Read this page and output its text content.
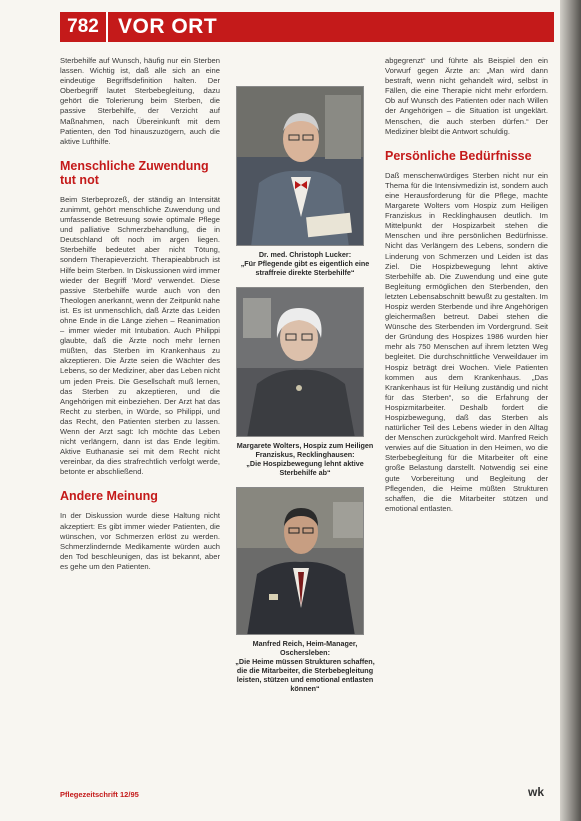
782 VOR ORT

Sterbehilfe auf Wunsch, häufig nur ein Sterben lassen. Wichtig ist, daß alle sich an eine eindeutige Begriffsdefinition halten. Der Oberbegriff lautet Sterbebegleitung, dazu gehört die Tolerierung beim Sterben, die passive Sterbehilfe, der Verzicht auf Maßnahmen, nach Übereinkunft mit dem Patienten, den Tod hinauszuzögern, auch die aktive Lufthilfe.

Menschliche Zuwendung tut not

Beim Sterbeprozeß, der ständig an Intensität zunimmt, gehört menschliche Zuwendung und umfassende Betreuung sowie optimale Pflege und palliative Schmerzbehandlung, die in Deutschland oft noch im argen liegen. Sterbehilfe bedeutet aber nicht Tötung, sondern Therapieverzicht. Therapieabbruch ist Hilfe beim Sterben. In Diskussionen wird immer wieder der Begriff 'Mord' verwendet. Diese passive Sterbehilfe wurde auch von den Theologen anerkannt, wenn der Zeitpunkt nahe ist. Es ist unmenschlich, daß Ärzte das Leiden ohne Ende in die Länge ziehen – Reanimation – immer wieder mit Intubation. Auch Philippi glaubte, daß die Ärzte noch mehr lernen müßten, das Sterben im Krankenhaus zu akzeptieren. Die Ärzte seien die Wächter des Lebens, so der Mediziner, aber das Leben nicht um jeden Preis. Die Gesellschaft muß lernen, das Sterben zu akzeptieren, und die Angehörigen mit einbeziehen. Der Arzt hat das Recht zu sterben, in Würde, so Philippi, und das Recht, den Patienten sterben zu lassen. Wenn der Arzt sagt: Ich möchte das Leben nicht verlängern, dann ist das Ende legitim. Aktive Euthanasie sei mit dem Recht nicht vereinbar, da dies strafrechtlich verfolgt werde, betonte er abschließend.

Andere Meinung

In der Diskussion wurde diese Haltung nicht akzeptiert: Es gibt immer wieder Patienten, die wünschen, vor Schmerzen erlöst zu werden. Schmerzlindernde Medikamente würden auch den Tod beschleunigen, das ist bekannt, aber es gehe um den Patienten.

Dr. med. Christoph Lucker:
„Für Pflegende gibt es eigentlich eine straffreie direkte Sterbehilfe“
Margarete Wolters, Hospiz zum Heiligen Franziskus, Recklinghausen:
„Die Hospizbewegung lehnt aktive Sterbehilfe ab“
Manfred Reich, Heim-Manager, Oschersleben:
„Die Heime müssen Strukturen schaffen, die die Mitarbeiter, die Sterbebegleitung leisten, stützen und emotional entlasten können“

abgegrenzt“ und führte als Beispiel den ein Vorwurf gegen Ärzte an: „Man wird dann bestraft, wenn nicht gehandelt wird, selbst in Fällen, die eine Therapie nicht mehr erfordern. Ob auf Wunsch des Patienten oder nach Willen der Angehörigen – die Situation ist ungeklärt. Menschen, die auch sterben dürfen.“ Der Mediziner bleibt die Antwort schuldig.

Persönliche Bedürfnisse

Daß menschenwürdiges Sterben nicht nur ein Thema für die Intensivmedizin ist, sondern auch eine Herausforderung für die Pflege, machte Margarete Wolters vom Hospiz zum Heiligen Franziskus in Recklinghausen deutlich. Im Mittelpunkt der Hospizarbeit stehen die Menschen und ihre persönlichen Bedürfnisse. Nicht das Verlängern des Lebens, sondern die Linderung von Schmerzen und Leiden ist das Ziel. Die Hospizbewegung lehnt aktive Sterbehilfe ab. Die Zuwendung und eine gute Begleitung ermöglichen den Sterbenden, den letzten Lebensabschnitt bewußt zu gestalten. Im Hospiz werden Sterbende und ihre Angehörigen gleichermaßen betreut. Dabei stehen die Wünsche des Sterbenden im Vordergrund. Seit der Gründung des Hospizes 1986 wurden hier mehr als 750 Menschen auf ihrem letzten Weg begleitet. Die durchschnittliche Verweildauer im Hospiz beträgt drei Wochen. Viele Patienten kommen aus dem Krankenhaus. „Das Krankenhaus ist für Heilung zuständig und nicht für das Sterben“, so die Erfahrung der Hospizmitarbeiter. Deshalb fordert die Hospizbewegung, daß das Sterben als natürlicher Teil des Lebens wieder in den Alltag der Menschen zurückgeholt wird. Manfred Reich verwies auf die Situation in den Heimen, wo die Sterbebegleitung für die Mitarbeiter oft eine große Belastung darstellt. Notwendig sei eine gute Vorbereitung und Begleitung der Pflegenden, die Heime müßten Strukturen schaffen, die die Mitarbeiter stützen und emotional entlasten.

Pflegezeitschrift 12/95	wk
